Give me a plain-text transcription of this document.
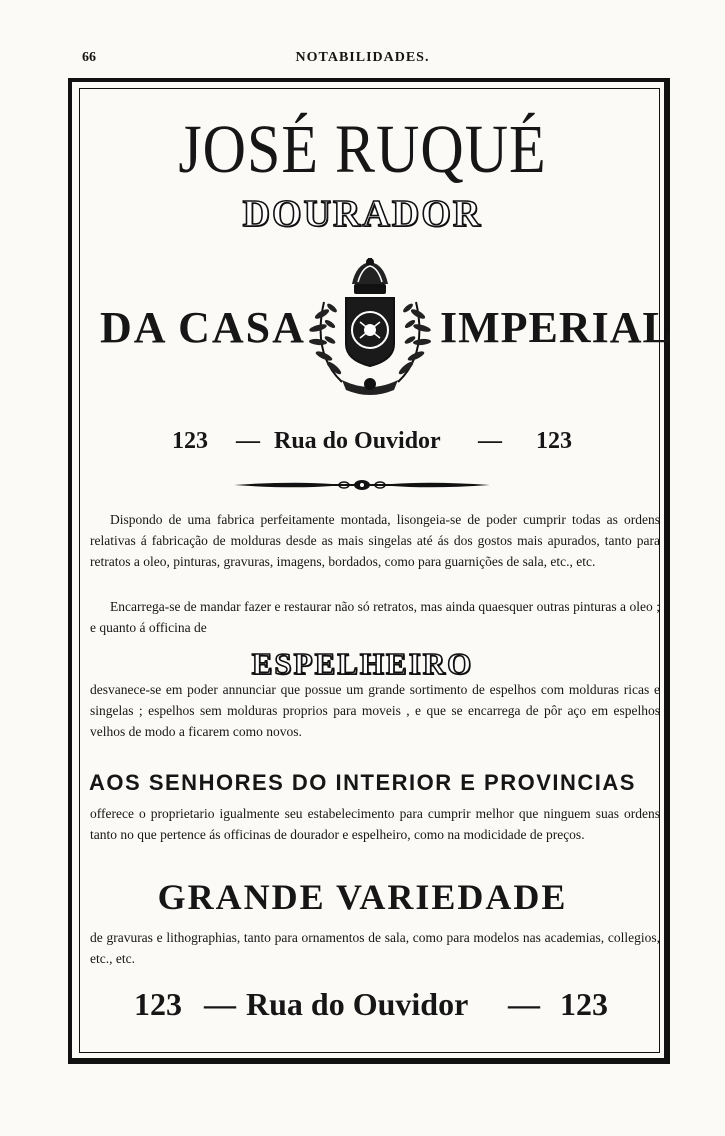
66	NOTABILIDADES.
JOSÉ RUQUÉ
DOURADOR
DA CASA	IMPERIAL
123 — Rua do Ouvidor — 123
Dispondo de uma fabrica perfeitamente montada, lisongeia-se de poder cumprir todas as ordens relativas á fabricação de molduras desde as mais singelas até ás dos gostos mais apurados, tanto para retratos a oleo, pinturas, gravuras, imagens, bordados, como para guarnições de sala, etc., etc.
Encarrega-se de mandar fazer e restaurar não só retratos, mas ainda quaesquer outras pinturas a oleo ; e quanto á officina de
ESPELHEIRO
desvanece-se em poder annunciar que possue um grande sortimento de espelhos com molduras ricas e singelas ; espelhos sem molduras proprios para moveis , e que se encarrega de pôr aço em espelhos velhos de modo a ficarem como novos.
AOS SENHORES DO INTERIOR E PROVINCIAS
offerece o proprietario igualmente seu estabelecimento para cumprir melhor que ninguem suas ordens tanto no que pertence ás officinas de dourador e espelheiro, como na modicidade de preços.
GRANDE VARIEDADE
de gravuras e lithographias, tanto para ornamentos de sala, como para modelos nas academias, collegios, etc., etc.
123 — Rua do Ouvidor — 123
